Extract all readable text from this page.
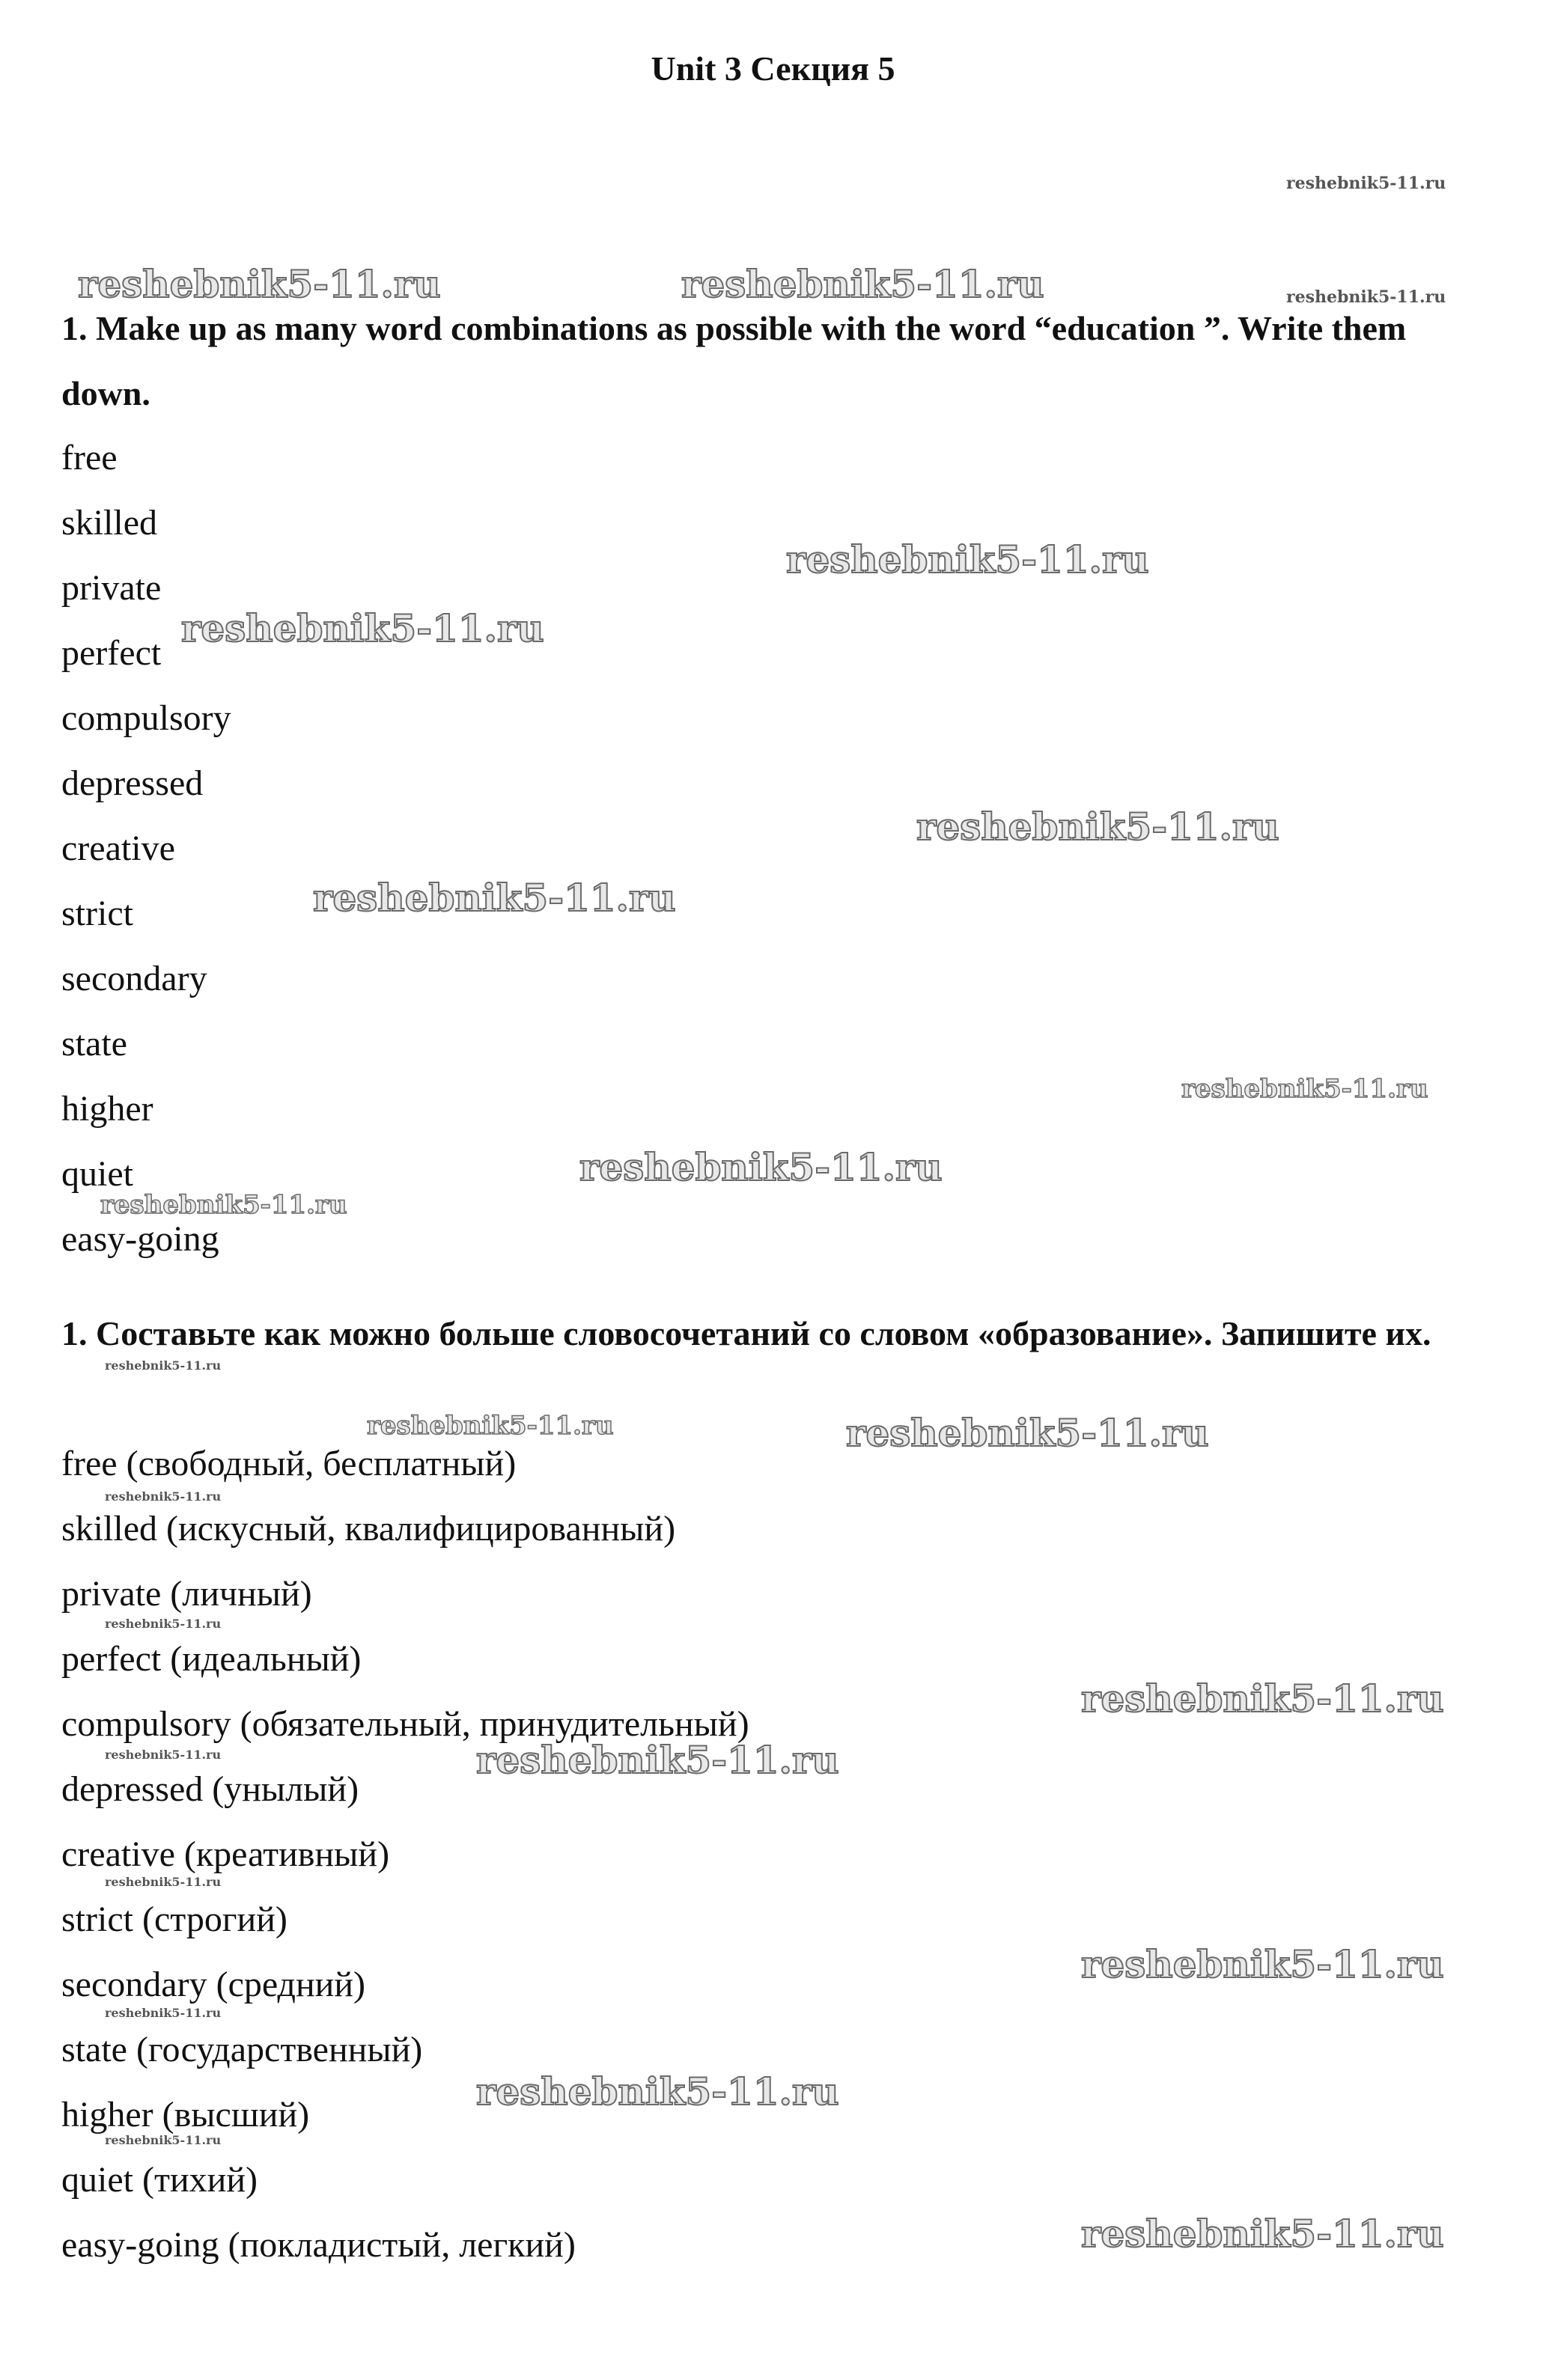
Unit 3 Секция 5
1. Make up as many word combinations as possible with the word “education ”. Write them down.
free
skilled
private
perfect
compulsory
depressed
creative
strict
secondary
state
higher
quiet
easy-going
1. Составьте как можно больше словосочетаний со словом «образование». Запишите их.
free (свободный, бесплатный)
skilled (искусный, квалифицированный)
private (личный)
perfect (идеальный)
compulsory (обязательный, принудительный)
depressed (унылый)
creative (креативный)
strict (строгий)
secondary (средний)
state (государственный)
higher (высший)
quiet (тихий)
easy-going (покладистый, легкий)
reshebnik5-11.ru
reshebnik5-11.ru	reshebnik5-11.ru	reshebnik5-11.ru
reshebnik5-11.ru
reshebnik5-11.ru
reshebnik5-11.ru
reshebnik5-11.ru
reshebnik5-11.ru
reshebnik5-11.ru
reshebnik5-11.ru
reshebnik5-11.ru
reshebnik5-11.ru	reshebnik5-11.ru
reshebnik5-11.ru
reshebnik5-11.ru
reshebnik5-11.ru
reshebnik5-11.ru	reshebnik5-11.ru
reshebnik5-11.ru
reshebnik5-11.ru
reshebnik5-11.ru
reshebnik5-11.ru
reshebnik5-11.ru
reshebnik5-11.ru
